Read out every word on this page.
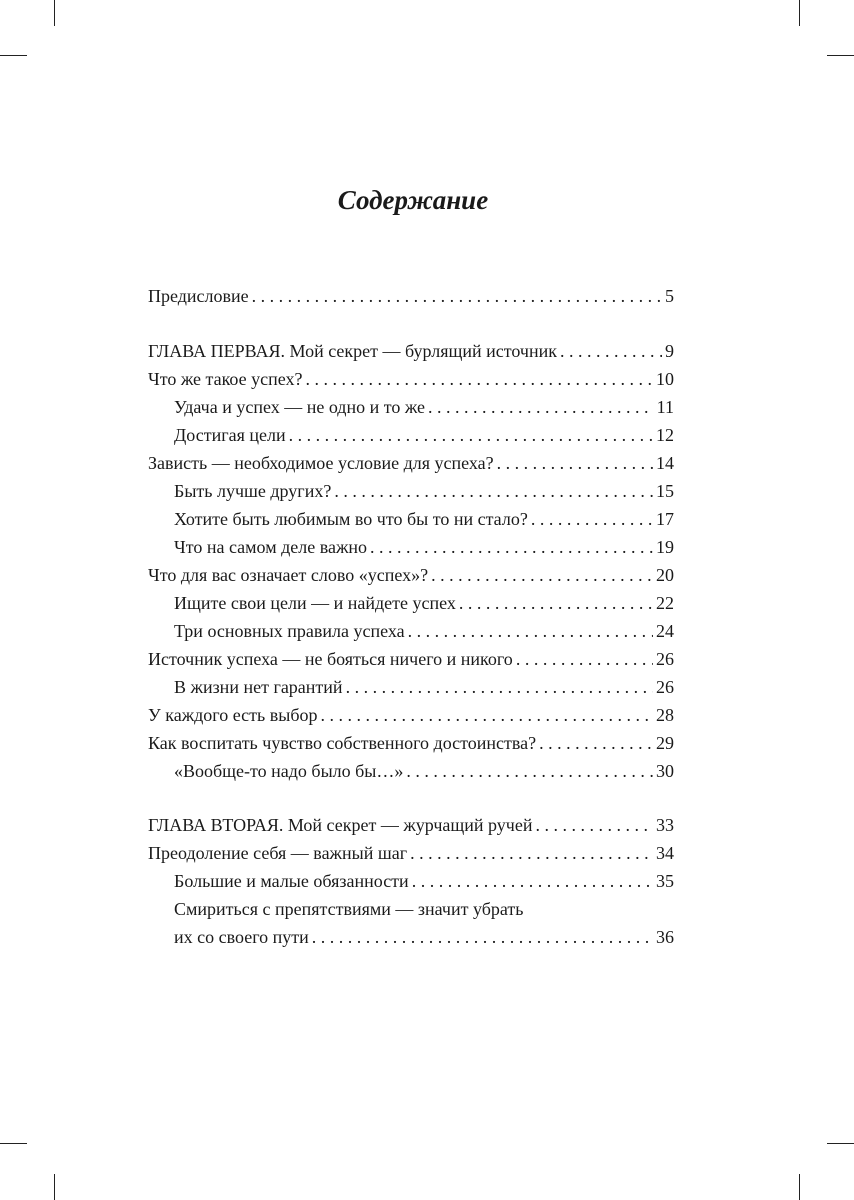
Содержание
Предисловие . . .	5
ГЛАВА ПЕРВАЯ. Мой секрет — бурлящий источник . . .	9
Что же такое успех? . . .	10
Удача и успех — не одно и то же . . .	11
Достигая цели . . .	12
Зависть — необходимое условие для успеха? . . .	14
Быть лучше других? . . .	15
Хотите быть любимым во что бы то ни стало? . . .	17
Что на самом деле важно . . .	19
Что для вас означает слово «успех»? . . .	20
Ищите свои цели — и найдете успех . . .	22
Три основных правила успеха . . .	24
Источник успеха — не бояться ничего и никого . . .	26
В жизни нет гарантий . . .	26
У каждого есть выбор . . .	28
Как воспитать чувство собственного достоинства? . . .	29
«Вообще-то надо было бы…» . . .	30
ГЛАВА ВТОРАЯ. Мой секрет — журчащий ручей . . .	33
Преодоление себя — важный шаг . . .	34
Большие и малые обязанности . . .	35
Смириться с препятствиями — значит убрать
их со своего пути . . .	36
